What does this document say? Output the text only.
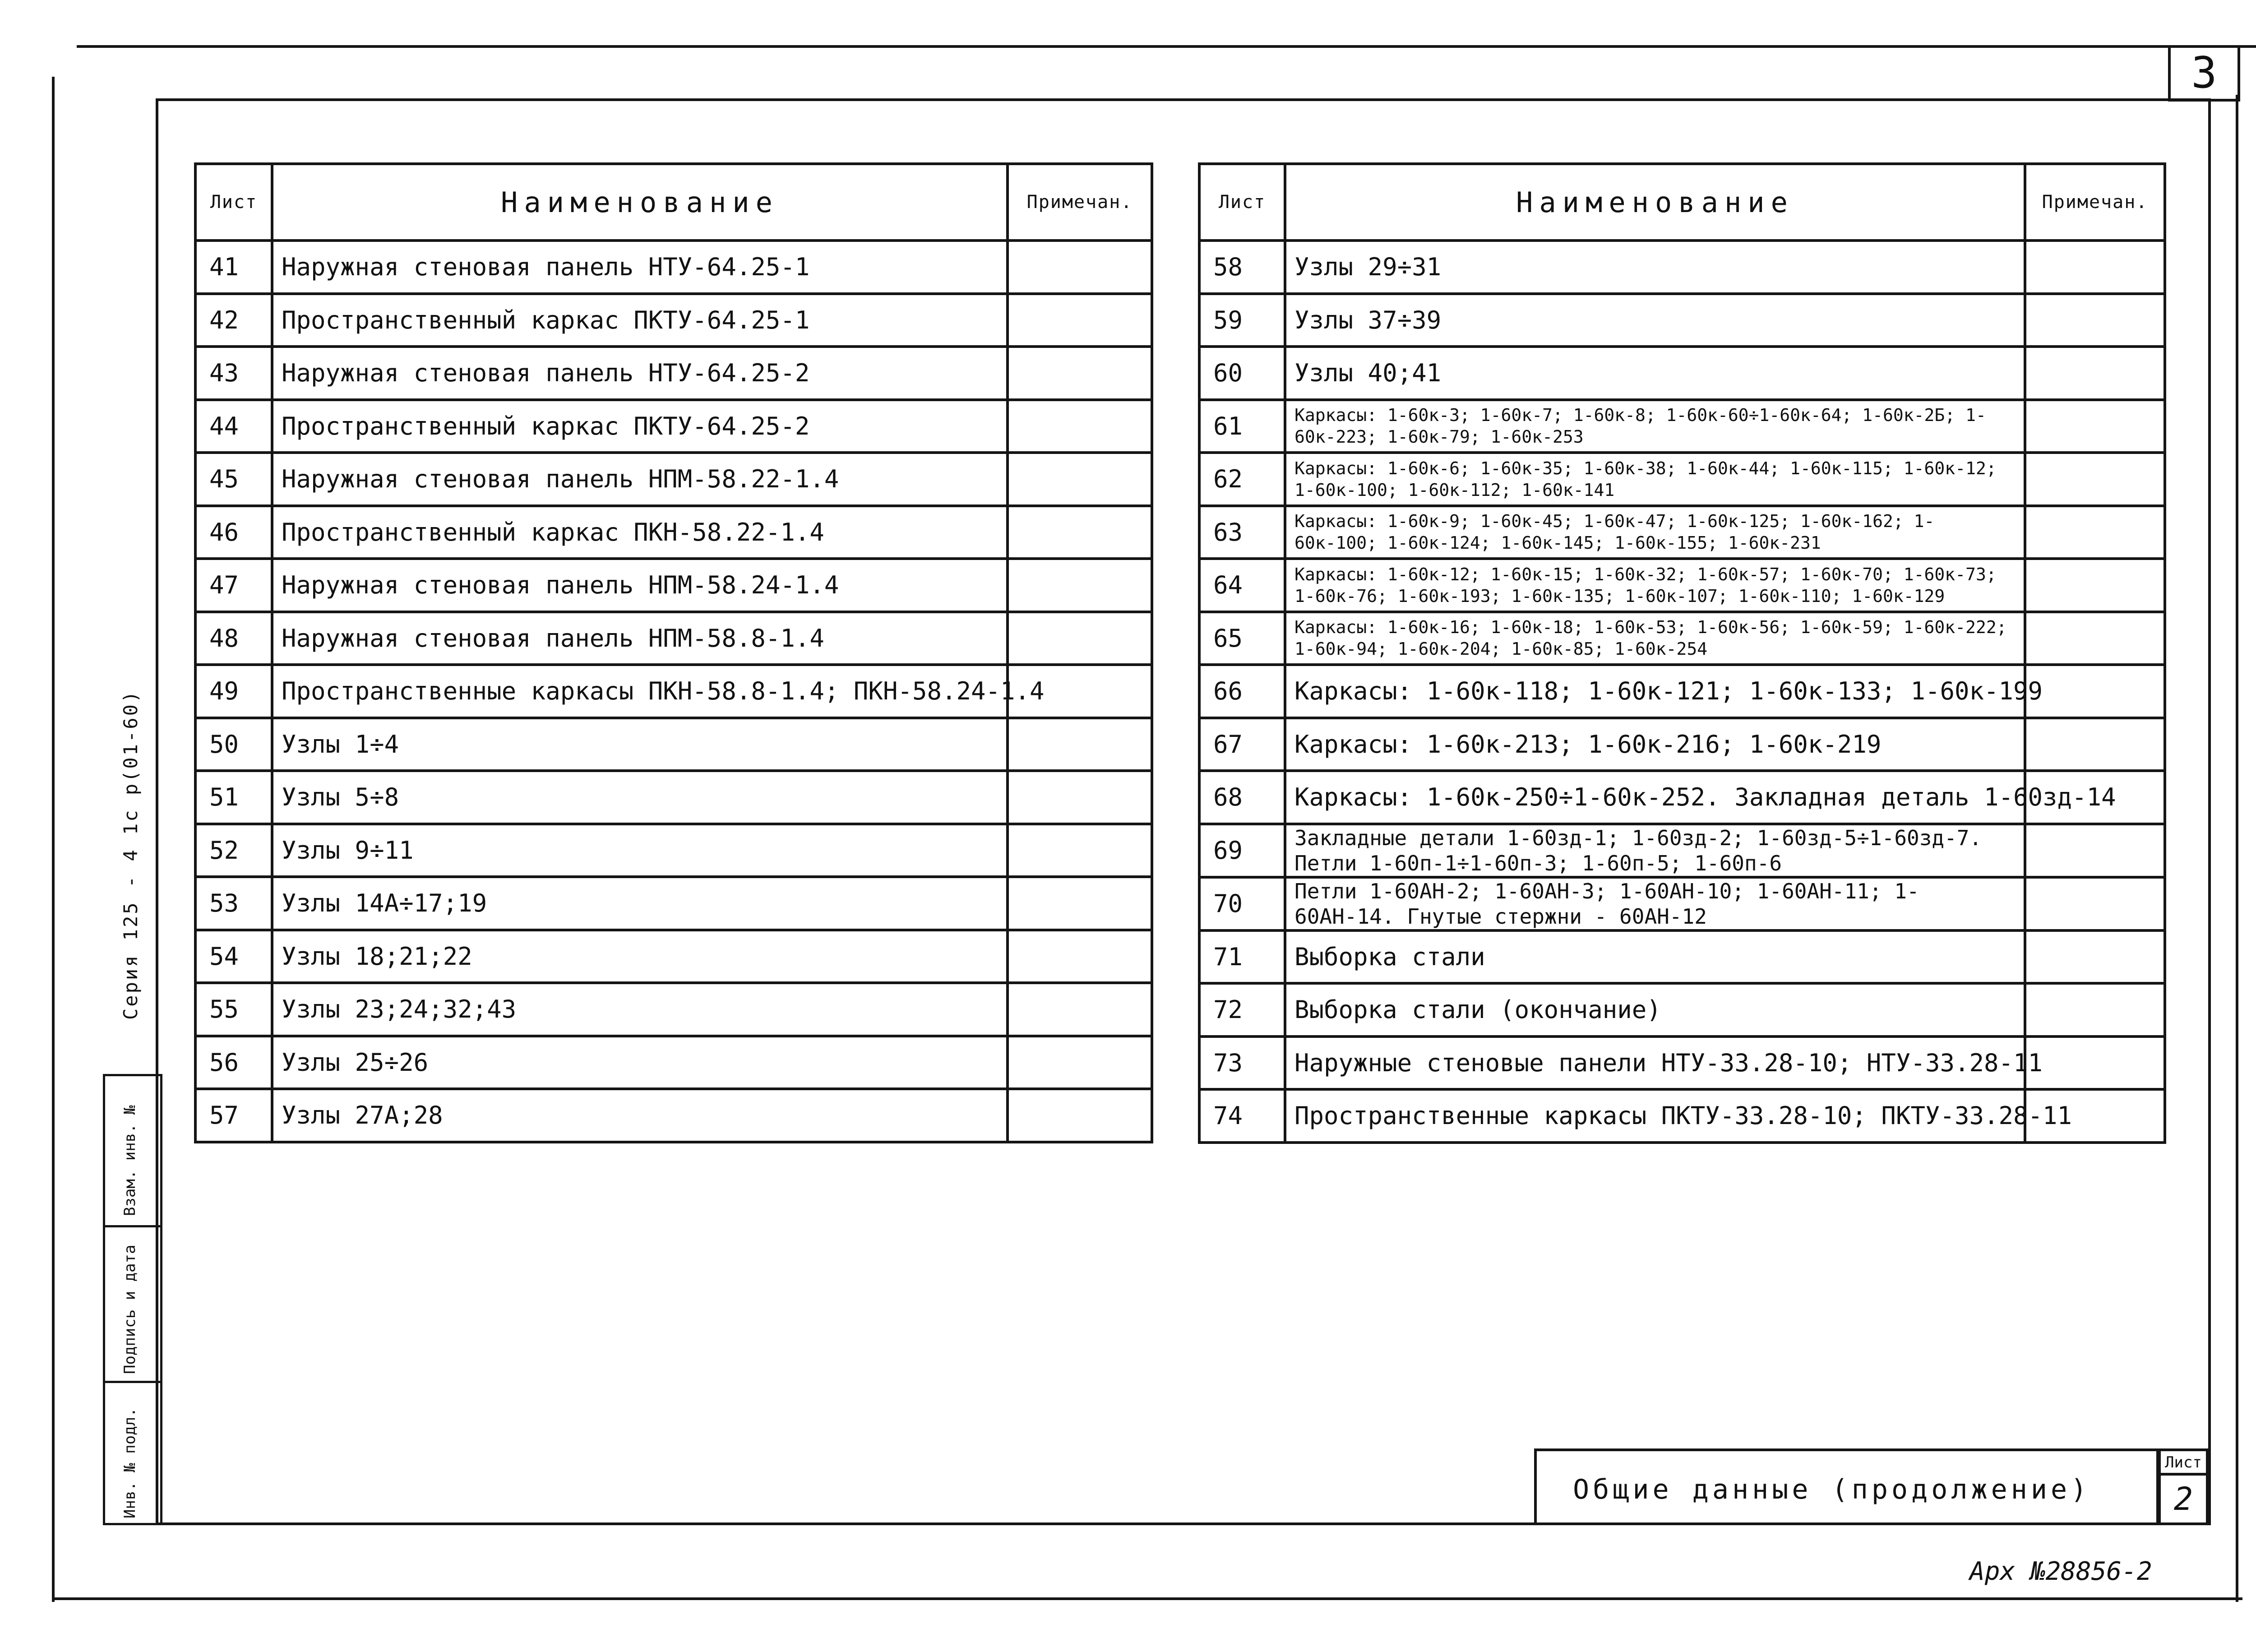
3
Лист	Наименование	Примечан.
41	Наружная стеновая панель НТУ-64.25-1	
42	Пространственный каркас ПКТУ-64.25-1	
43	Наружная стеновая панель НТУ-64.25-2	
44	Пространственный каркас ПКТУ-64.25-2	
45	Наружная стеновая панель НПМ-58.22-1.4	
46	Пространственный каркас ПКН-58.22-1.4	
47	Наружная стеновая панель НПМ-58.24-1.4	
48	Наружная стеновая панель НПМ-58.8-1.4	
49	Пространственные каркасы ПКН-58.8-1.4; ПКН-58.24-1.4	
50	Узлы 1÷4	
51	Узлы 5÷8	
52	Узлы 9÷11	
53	Узлы 14А÷17;19	
54	Узлы 18;21;22	
55	Узлы 23;24;32;43	
56	Узлы 25÷26	
57	Узлы 27А;28	
Лист	Наименование	Примечан.
58	Узлы 29÷31	
59	Узлы 37÷39	
60	Узлы 40;41	
61	Каркасы: 1-60к-3; 1-60к-7; 1-60к-8; 1-60к-60÷1-60к-64; 1-60к-2Б; 1-60к-223; 1-60к-79; 1-60к-253	
62	Каркасы: 1-60к-6; 1-60к-35; 1-60к-38; 1-60к-44; 1-60к-115; 1-60к-12; 1-60к-100; 1-60к-112; 1-60к-141	
63	Каркасы: 1-60к-9; 1-60к-45; 1-60к-47; 1-60к-125; 1-60к-162; 1-60к-100; 1-60к-124; 1-60к-145; 1-60к-155; 1-60к-231	
64	Каркасы: 1-60к-12; 1-60к-15; 1-60к-32; 1-60к-57; 1-60к-70; 1-60к-73; 1-60к-76; 1-60к-193; 1-60к-135; 1-60к-107; 1-60к-110; 1-60к-129	
65	Каркасы: 1-60к-16; 1-60к-18; 1-60к-53; 1-60к-56; 1-60к-59; 1-60к-222; 1-60к-94; 1-60к-204; 1-60к-85; 1-60к-254	
66	Каркасы: 1-60к-118; 1-60к-121; 1-60к-133; 1-60к-199	
67	Каркасы: 1-60к-213; 1-60к-216; 1-60к-219	
68	Каркасы: 1-60к-250÷1-60к-252. Закладная деталь 1-60зд-14	
69	Закладные детали 1-60зд-1; 1-60зд-2; 1-60зд-5÷1-60зд-7. Петли 1-60п-1÷1-60п-3; 1-60п-5; 1-60п-6	
70	Петли 1-60АН-2; 1-60АН-3; 1-60АН-10; 1-60АН-11; 1-60АН-14. Гнутые стержни - 60АН-12	
71	Выборка стали	
72	Выборка стали (окончание)	
73	Наружные стеновые панели НТУ-33.28-10; НТУ-33.28-11	
74	Пространственные каркасы ПКТУ-33.28-10; ПКТУ-33.28-11	
Серия 125 - 4 1с р(01-60)
Взам. инв. №
Подпись и дата
Инв. № подл.	Общие данные (продолжение)
Лист
2
Арх №28856-2
